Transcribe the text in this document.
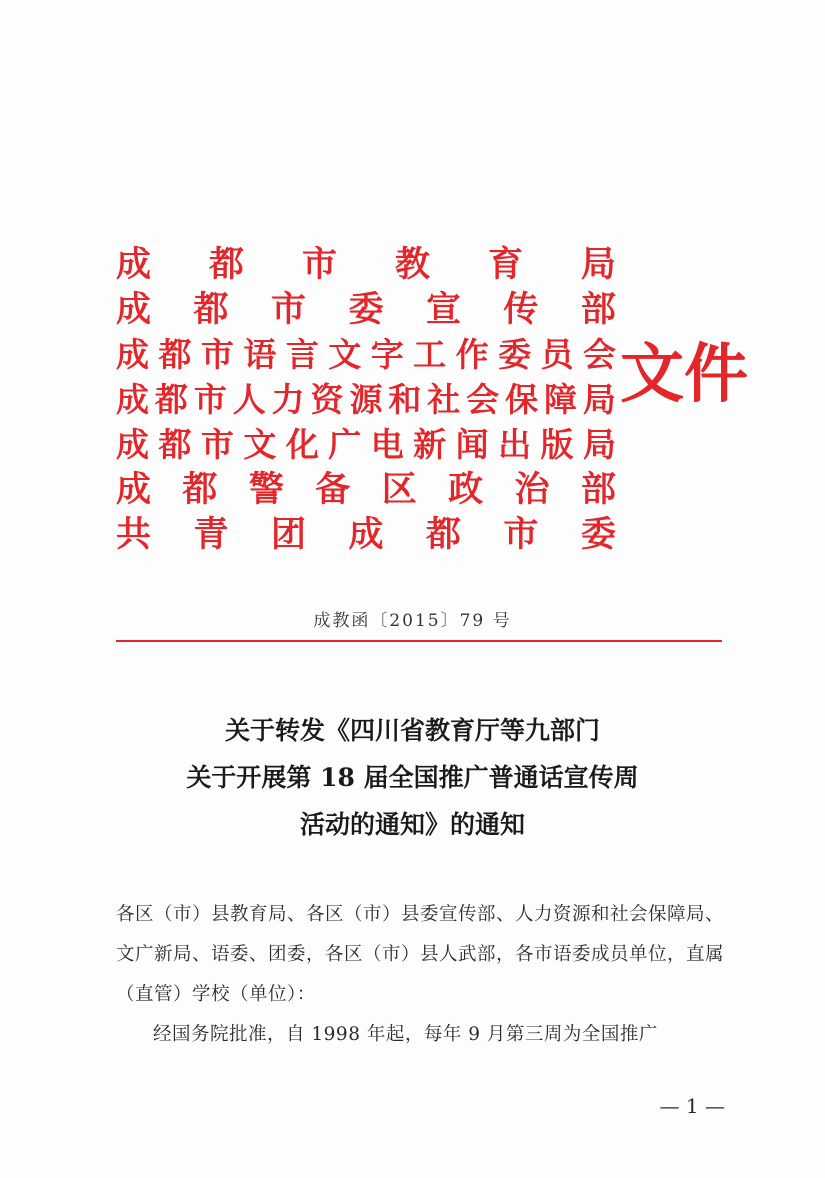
成 都 市 教 育 局
成 都 市 委 宣 传 部
成 都 市 语 言 文 字 工 作 委 员 会
成 都 市 人 力 资 源 和 社 会 保 障 局
成 都 市 文 化 广 电 新 闻 出 版 局
成 都 警 备 区 政 治 部
共 青 团 成 都 市 委
文件
成教函〔2015〕79 号
关于转发《四川省教育厅等九部门
关于开展第 18 届全国推广普通话宣传周
活动的通知》的通知
各区（市）县教育局、各区（市）县委宣传部、人力资源和社会保障局、文广新局、语委、团委，各区（市）县人武部，各市语委成员单位，直属（直管）学校（单位）：
经国务院批准，自 1998 年起，每年 9 月第三周为全国推广
— 1 —
